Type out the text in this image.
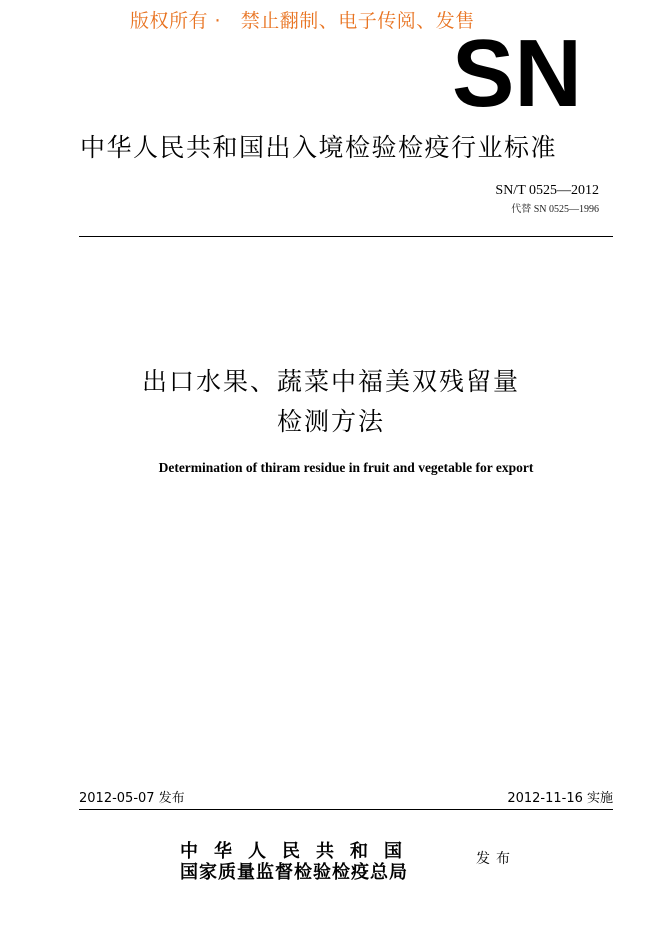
版权所有 ·   禁止翻制、电子传阅、发售
SN
中华人民共和国出入境检验检疫行业标准
SN/T 0525—2012
代替 SN 0525—1996
出口水果、蔬菜中福美双残留量
检测方法
Determination of thiram residue in fruit and vegetable for export
2012-05-07 发布	2012-11-16 实施
中华人民共和国
国家质量监督检验检疫总局
发布
